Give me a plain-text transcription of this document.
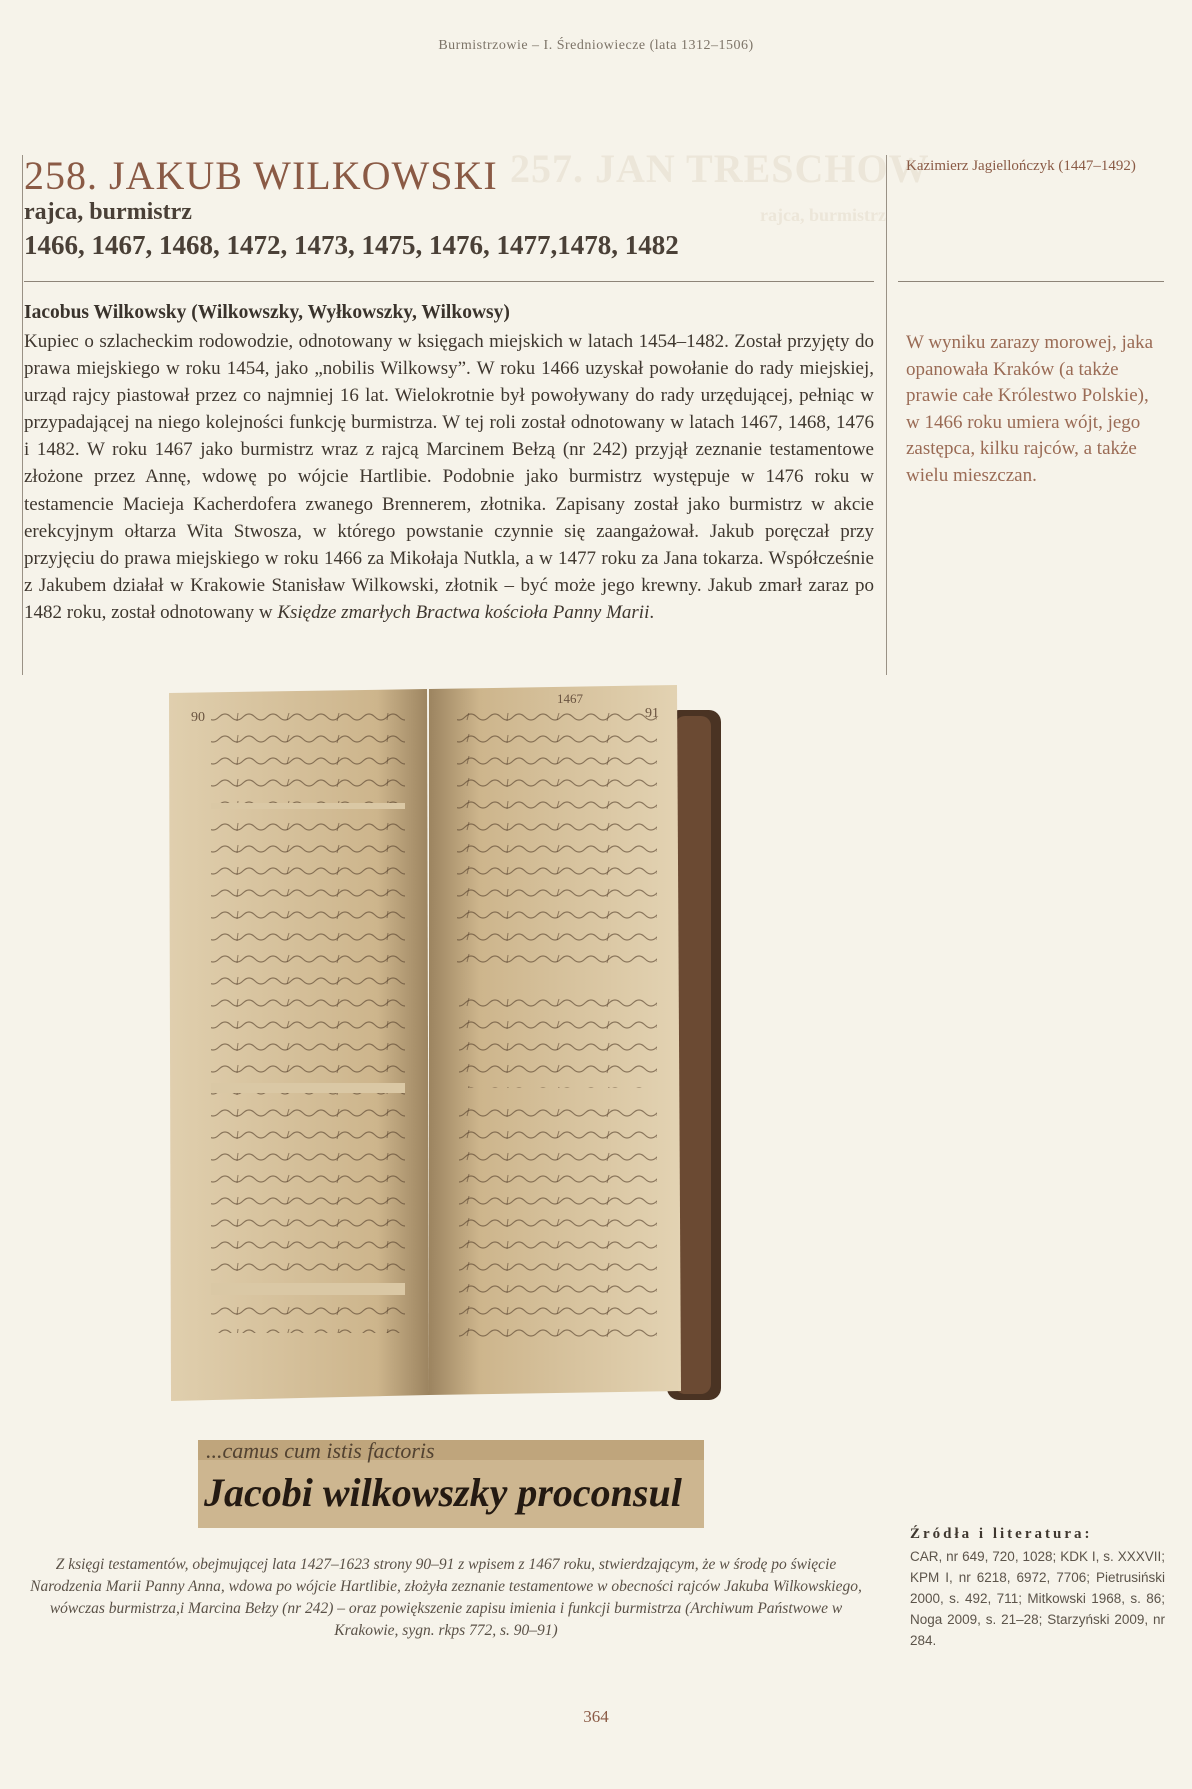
Burmistrzowie – I. Średniowiecze (lata 1312–1506)
257. JAN TRESCHOW
rajca, burmistrz
258. JAKUB WILKOWSKI
rajca, burmistrz
1466, 1467, 1468, 1472, 1473, 1475, 1476, 1477,1478, 1482
Kazimierz Jagiellończyk (1447–1492)
Iacobus Wilkowsky (Wilkowszky, Wyłkowszky, Wilkowsy)

Kupiec o szlacheckim rodowodzie, odnotowany w księgach miejskich w latach 1454–1482. Został przyjęty do prawa miejskiego w roku 1454, jako „nobilis Wilkowsy”. W roku 1466 uzyskał powołanie do rady miejskiej, urząd rajcy piastował przez co najmniej 16 lat. Wielokrotnie był powoływany do rady urzędującej, pełniąc w przypadającej na niego kolejności funkcję burmistrza. W tej roli został odnotowany w latach 1467, 1468, 1476 i 1482. W roku 1467 jako burmistrz wraz z rajcą Marcinem Bełzą (nr 242) przyjął zeznanie testamentowe złożone przez Annę, wdowę po wójcie Hartlibie. Podobnie jako burmistrz występuje w 1476 roku w testamencie Macieja Kacherdofera zwanego Brennerem, złotnika. Zapisany został jako burmistrz w akcie erekcyjnym ołtarza Wita Stwosza, w którego powstanie czynnie się zaangażował. Jakub poręczał przy przyjęciu do prawa miejskiego w roku 1466 za Mikołaja Nutkla, a w 1477 roku za Jana tokarza. Współcześnie z Jakubem działał w Krakowie Stanisław Wilkowski, złotnik – być może jego krewny. Jakub zmarł zaraz po 1482 roku, został odnotowany w Księdze zmarłych Bractwa kościoła Panny Marii.

W wyniku zarazy morowej, jaka opanowała Kraków (a także prawie całe Królestwo Polskie), w 1466 roku umiera wójt, jego zastępca, kilku rajców, a także wielu mieszczan.

90	91
1467
...camus cum istis factoris
Jacobi wilkowszky proconsul

Z księgi testamentów, obejmującej lata 1427–1623 strony 90–91 z wpisem z 1467 roku, stwierdzającym, że w środę po święcie Narodzenia Marii Panny Anna, wdowa po wójcie Hartlibie, złożyła zeznanie testamentowe w obecności rajców Jakuba Wilkowskiego, wówczas burmistrza,i Marcina Bełzy (nr 242) – oraz powiększenie zapisu imienia i funkcji burmistrza (Archiwum Państwowe w Krakowie, sygn. rkps 772, s. 90–91)

Źródła i literatura:

CAR, nr 649, 720, 1028; KDK I, s. XXXVII; KPM I, nr 6218, 6972, 7706; Pietrusiński 2000, s. 492, 711; Mitkowski 1968, s. 86; Noga 2009, s. 21–28; Starzyński 2009, nr 284.

364
